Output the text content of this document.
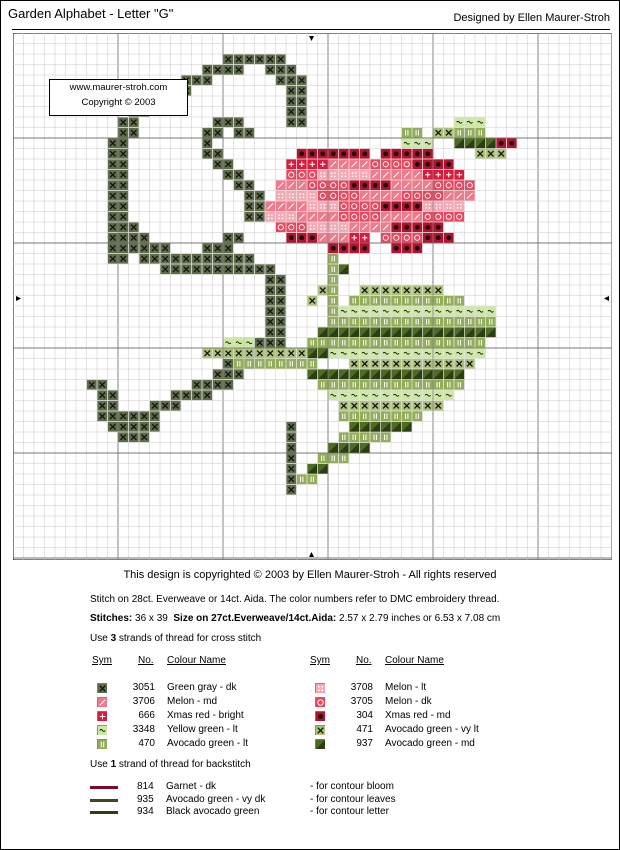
Garden Alphabet - Letter "G"	Designed by Ellen Maurer-Stroh
www.maurer-stroh.com
Copyright © 2003
This design is copyrighted © 2003 by Ellen Maurer-Stroh - All rights reserved
Stitch on 28ct. Everweave or 14ct. Aida. The color numbers refer to DMC embroidery thread.
Stitches: 36 x 39 Size on 27ct.Everweave/14ct.Aida: 2.57 x 2.79 inches or 6.53 x 7.08 cm
Use 3 strands of thread for cross stitch
Sym	No. Colour Name	Sym	No. Colour Name
3051 Green gray - dk
3706 Melon - md
666 Xmas red - bright
3348 Yellow green - lt
470 Avocado green - lt
3708 Melon - lt
3705 Melon - dk
304 Xmas red - md
471 Avocado green - vy lt
937 Avocado green - md
Use 1 strand of thread for backstitch
814 Garnet - dk	- for contour bloom
935 Avocado green - vy dk	- for contour leaves
934 Black avocado green	- for contour letter
